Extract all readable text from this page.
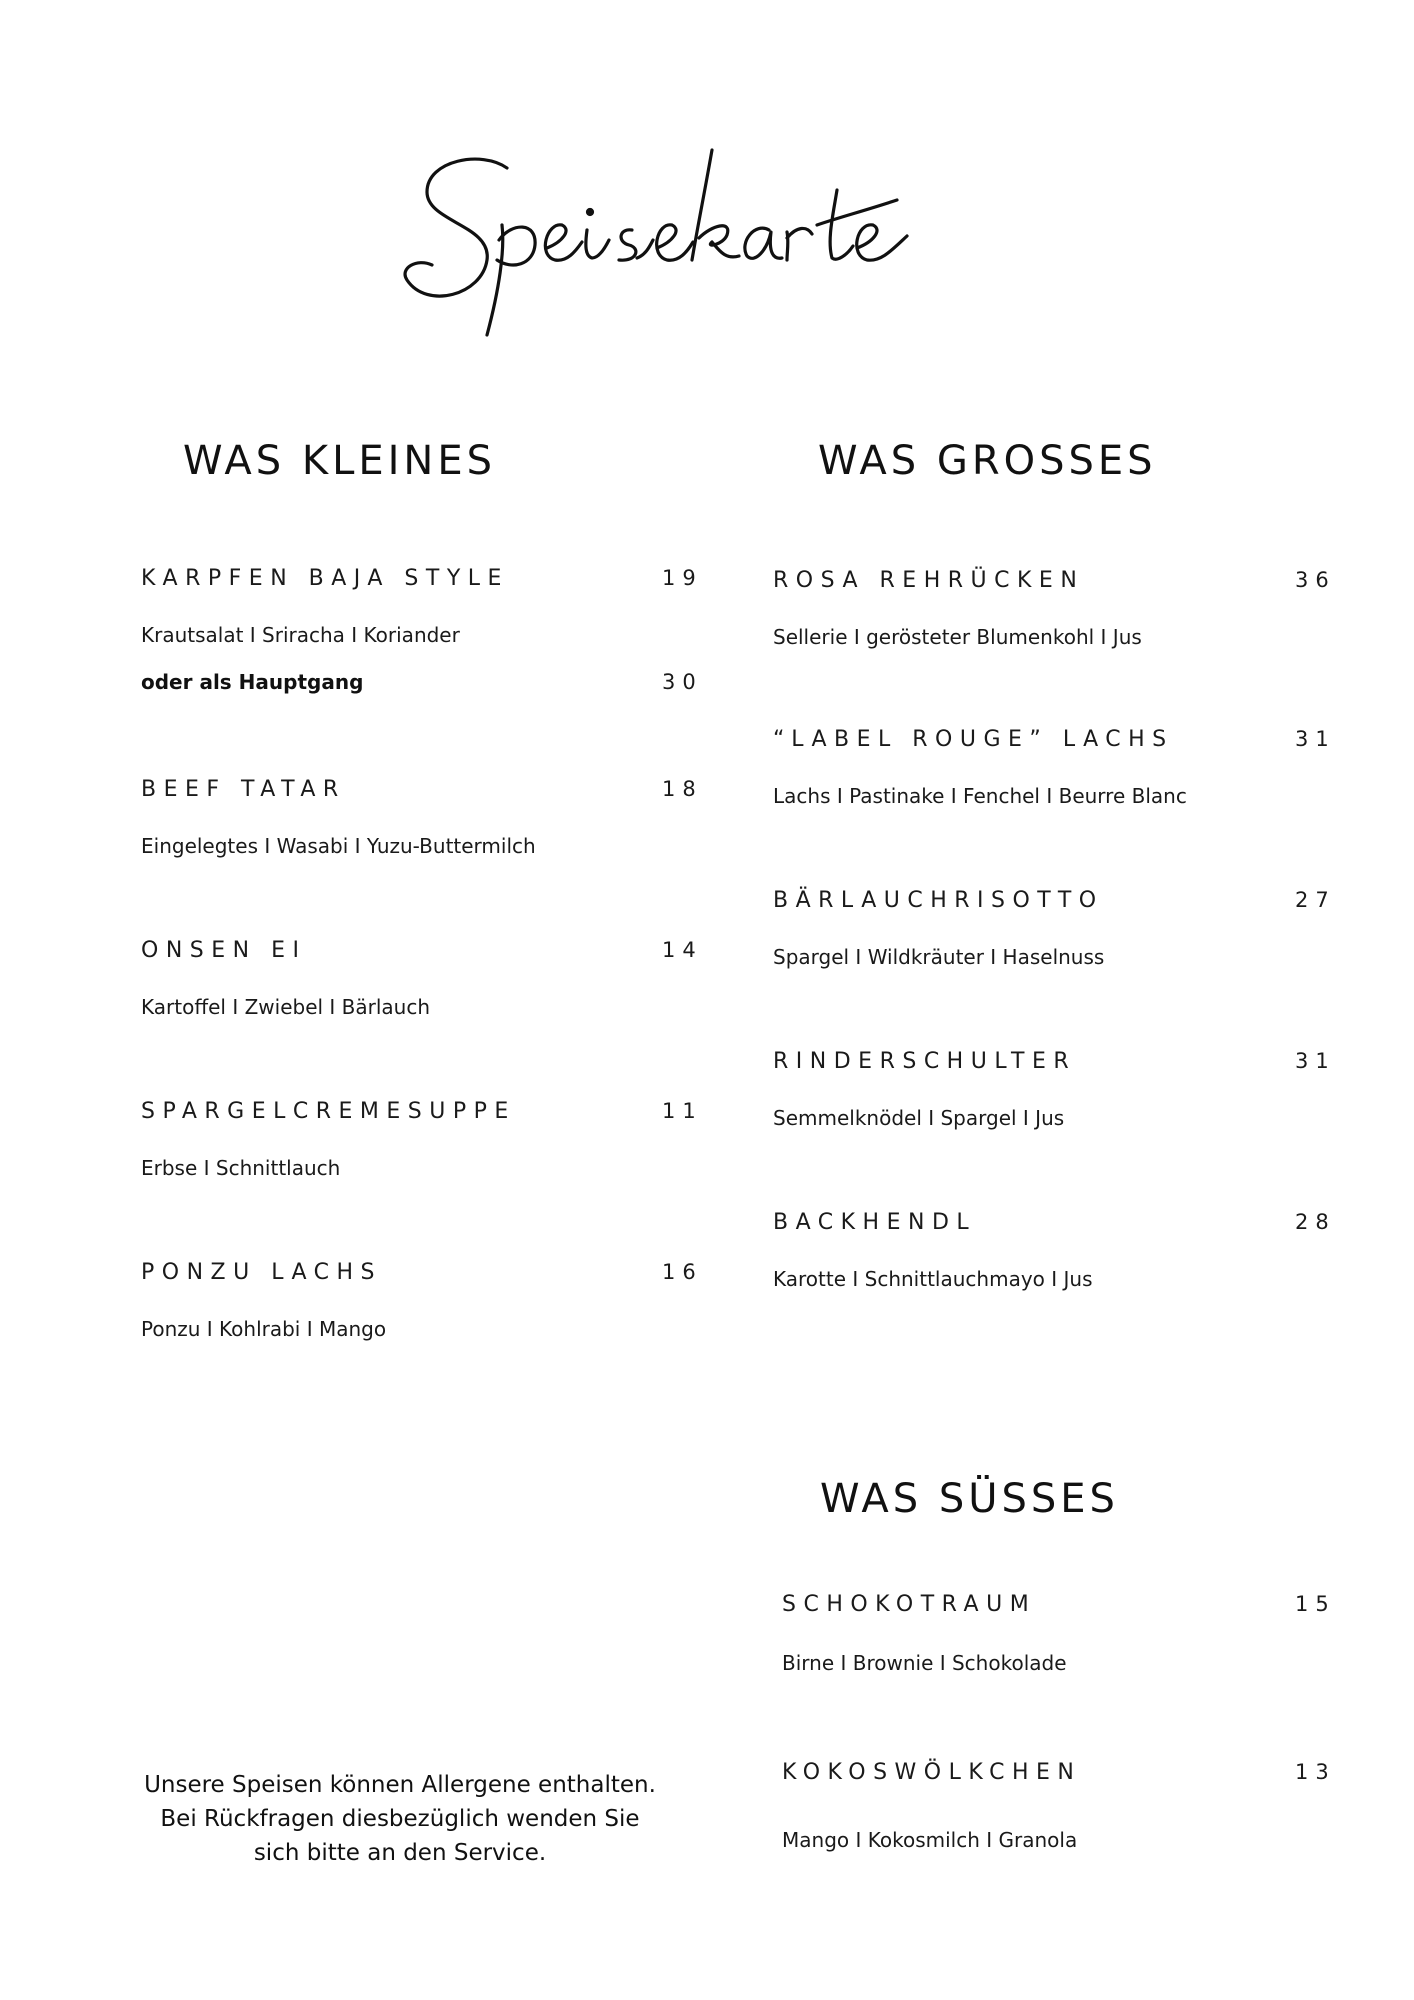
WAS KLEINES	WAS GROSSES
WAS SÜSSES
KARPFEN BAJA STYLE	19
Krautsalat I Sriracha I Koriander
oder als Hauptgang	30
BEEF TATAR	18
Eingelegtes I Wasabi I Yuzu-Buttermilch
ONSEN EI	14
Kartoffel I Zwiebel I Bärlauch
SPARGELCREMESUPPE	11
Erbse I Schnittlauch
PONZU LACHS	16
Ponzu I Kohlrabi I Mango
ROSA REHRÜCKEN	36
Sellerie I gerösteter Blumenkohl I Jus
“LABEL ROUGE” LACHS	31
Lachs I Pastinake I Fenchel I Beurre Blanc
BÄRLAUCHRISOTTO	27
Spargel I Wildkräuter I Haselnuss
RINDERSCHULTER	31
Semmelknödel I Spargel I Jus
BACKHENDL	28
Karotte I Schnittlauchmayo I Jus
SCHOKOTRAUM	15
Birne I Brownie I Schokolade
KOKOSWÖLKCHEN	13
Mango I Kokosmilch I Granola
Unsere Speisen können Allergene enthalten.
Bei Rückfragen diesbezüglich wenden Sie
sich bitte an den Service.
